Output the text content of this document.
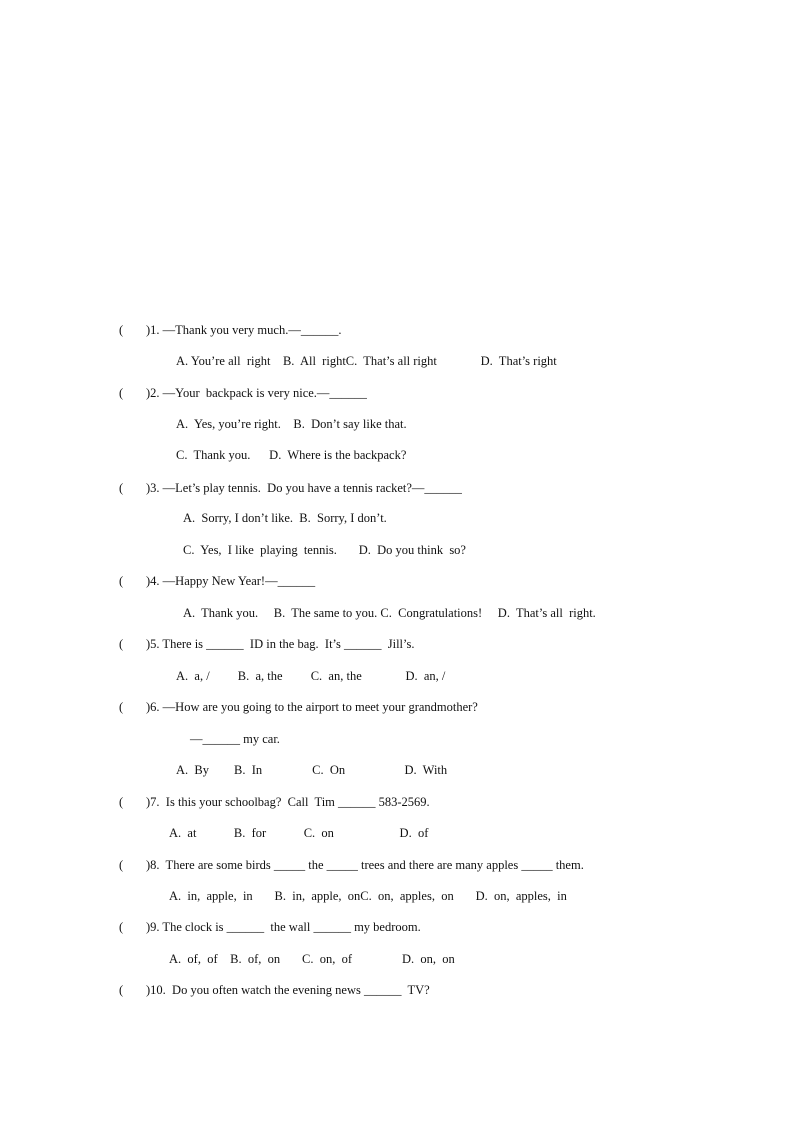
( )1. —Thank you very much.—______.
A. You’re all  right    B.  All  rightC.  That’s all right              D.  That’s right
( )2. —Your  backpack is very nice.—______
A.  Yes, you’re right.    B.  Don’t say like that.
C.  Thank you.      D.  Where is the backpack?
( )3. —Let’s play tennis.  Do you have a tennis racket?—______
A.  Sorry, I don’t like.  B.  Sorry, I don’t.
C.  Yes,  I like  playing  tennis.       D.  Do you think  so?
( )4. —Happy New Year!—______
A.  Thank you.     B.  The same to you. C.  Congratulations!     D.  That’s all  right.
( )5. There is ______  ID in the bag.  It’s ______  Jill’s.
A.  a, /         B.  a, the         C.  an, the              D.  an, /
( )6. —How are you going to the airport to meet your grandmother?
—______ my car.
A.  By        B.  In                C.  On                   D.  With
( )7.  Is this your schoolbag?  Call  Tim ______ 583-2569.
A.  at            B.  for            C.  on                     D.  of
( )8.  There are some birds _____ the _____ trees and there are many apples _____ them.
A.  in,  apple,  in       B.  in,  apple,  onC.  on,  apples,  on       D.  on,  apples,  in
( )9. The clock is ______  the wall ______ my bedroom.
A.  of,  of    B.  of,  on       C.  on,  of                D.  on,  on
( )10.  Do you often watch the evening news ______  TV?
